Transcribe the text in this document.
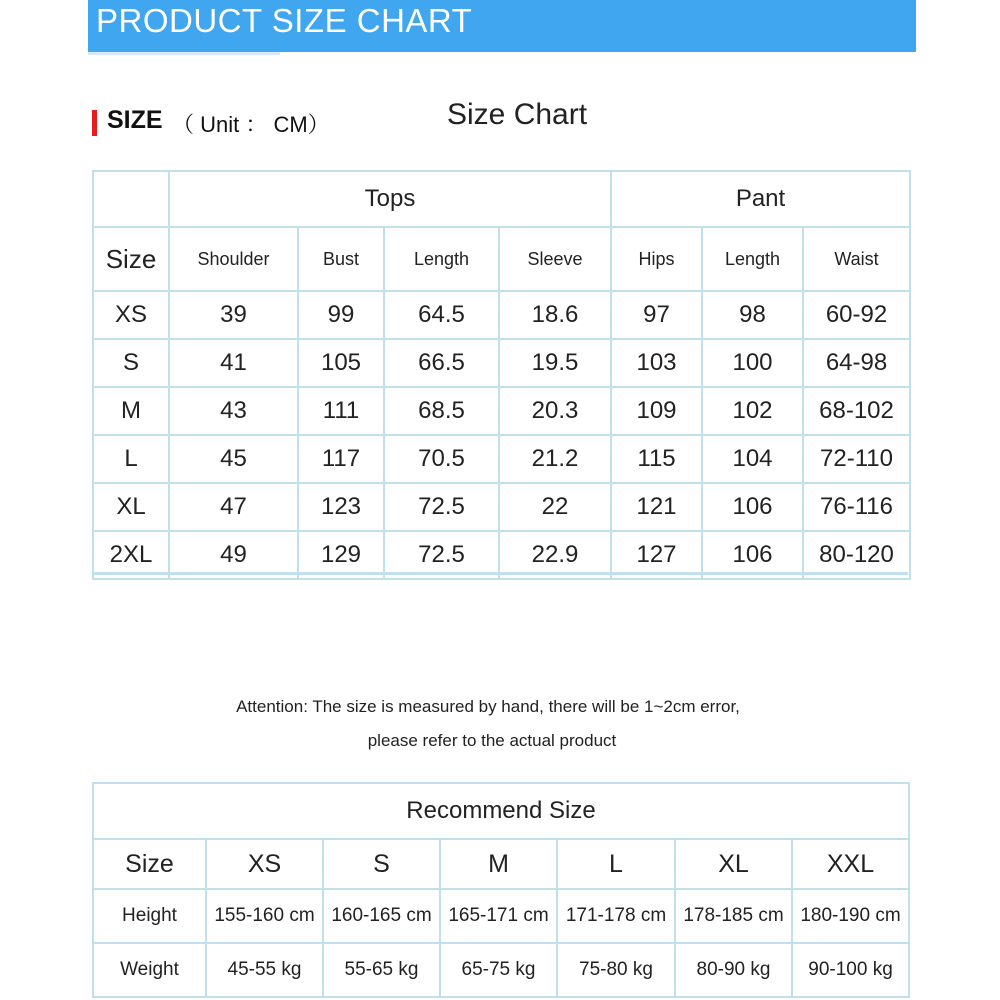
PRODUCT SIZE CHART
SIZE （ Unit ： CM）	Size Chart
	Tops				Pant		
Size	Shoulder	Bust	Length	Sleeve	Hips	Length	Waist
XS	39	99	64.5	18.6	97	98	60-92
S	41	105	66.5	19.5	103	100	64-98
M	43	111	68.5	20.3	109	102	68-102
L	45	117	70.5	21.2	115	104	72-110
XL	47	123	72.5	22	121	106	76-116
2XL	49	129	72.5	22.9	127	106	80-120
Attention: The size is measured by hand, there will be 1~2cm error,
please refer to the actual product
Recommend Size						
Size	XS	S	M	L	XL	XXL
Height	155-160 cm	160-165 cm	165-171 cm	171-178 cm	178-185 cm	180-190 cm
Weight	45-55 kg	55-65 kg	65-75 kg	75-80 kg	80-90 kg	90-100 kg
